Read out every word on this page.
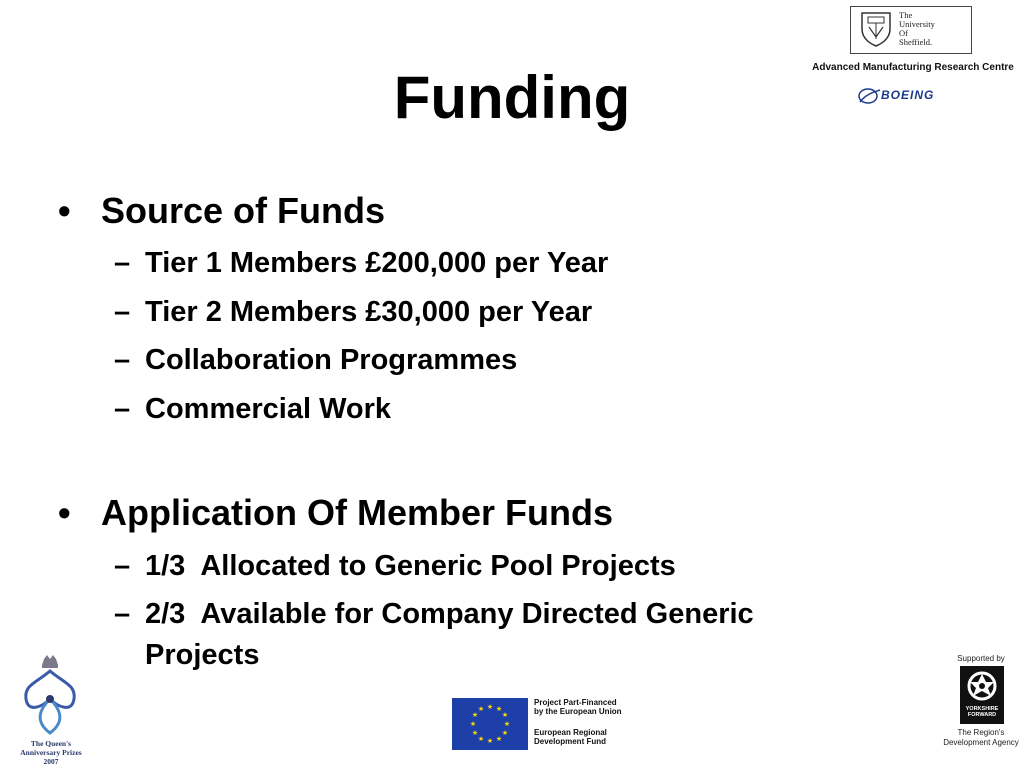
Funding
The
University
Of
Sheffield.
Advanced Manufacturing Research Centre
BOEING
• Source of Funds
– Tier 1 Members £200,000 per Year
– Tier 2 Members £30,000 per Year
– Collaboration Programmes
– Commercial Work
• Application Of Member Funds
– 1/3  Allocated to Generic Pool Projects
– 2/3  Available for Company Directed Generic
Projects
The Queen's
Anniversary Prizes
2007
★ ★
★
★
★
★
★
★
★
★
★
★
Project Part-Financed
by the European Union
European Regional
Development Fund
Supported by
YORKSHIRE
FORWARD
The Region's
Development Agency
